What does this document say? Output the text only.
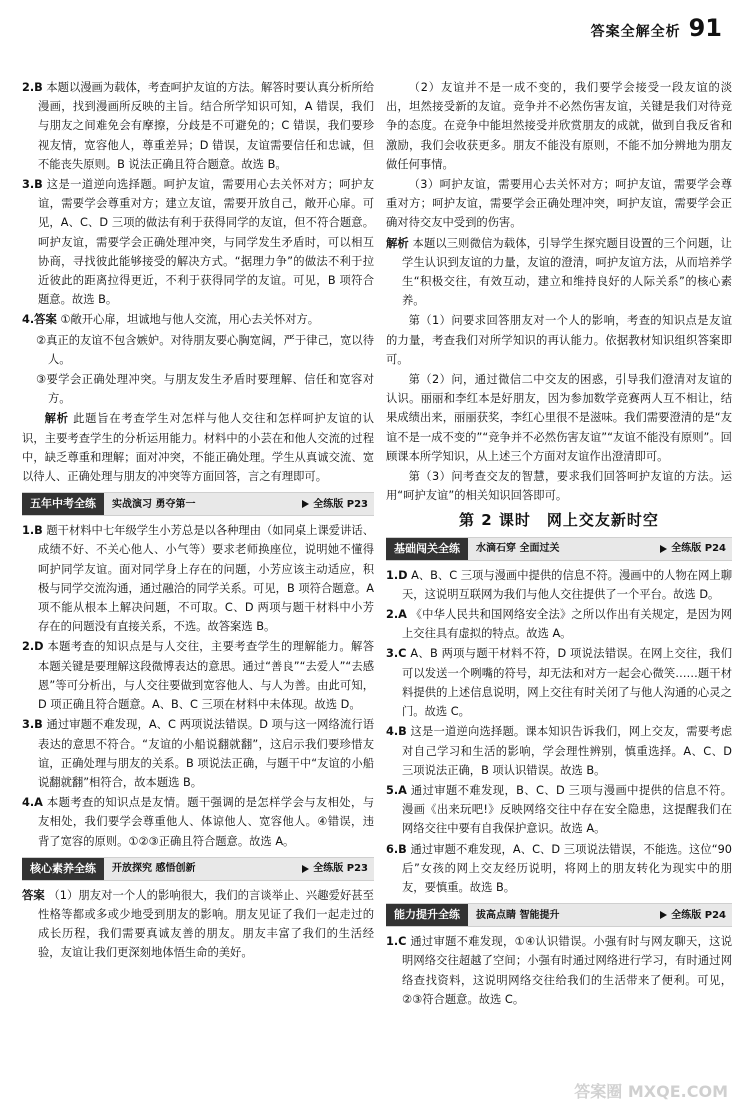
答案全解全析 91

2.B 本题以漫画为载体，考查呵护友谊的方法。解答时要认真分析所给漫画，找到漫画所反映的主旨。结合所学知识可知，A 错误，我们与朋友之间难免会有摩擦，分歧是不可避免的；C 错误，我们要珍视友情，宽容他人，尊重差异；D 错误，友谊需要信任和忠诚，但不能丧失原则。B 说法正确且符合题意。故选 B。

3.B 这是一道逆向选择题。呵护友谊，需要用心去关怀对方；呵护友谊，需要学会尊重对方；建立友谊，需要开放自己，敞开心扉。可见，A、C、D 三项的做法有利于获得同学的友谊，但不符合题意。呵护友谊，需要学会正确处理冲突，与同学发生矛盾时，可以相互协商，寻找彼此能够接受的解决方式。“据理力争”的做法不利于拉近彼此的距离拉得更近，不利于获得同学的友谊。可见，B 项符合题意。故选 B。

4.答案 ①敞开心扉，坦诚地与他人交流，用心去关怀对方。

②真正的友谊不包含嫉妒。对待朋友要心胸宽阔，严于律己，宽以待人。

③要学会正确处理冲突。与朋友发生矛盾时要理解、信任和宽容对方。

解析 此题旨在考查学生对怎样与他人交往和怎样呵护友谊的认识，主要考查学生的分析运用能力。材料中的小芸在和他人交流的过程中，缺乏尊重和理解；面对冲突，不能正确处理。学生从真诚交流、宽以待人、正确处理与朋友的冲突等方面回答，言之有理即可。

五年中考全练	实战演习 勇夺第一	全练版 P23

1.B 题干材料中七年级学生小芳总是以各种理由（如同桌上课爱讲话、成绩不好、不关心他人、小气等）要求老师换座位，说明她不懂得呵护同学友谊。面对同学身上存在的问题，小芳应该主动适应，积极与同学交流沟通，通过融洽的同学关系。可见，B 项符合题意。A 项不能从根本上解决问题，不可取。C、D 两项与题干材料中小芳存在的问题没有直接关系，不选。故答案选 B。

2.D 本题考查的知识点是与人交往，主要考查学生的理解能力。解答本题关键是要理解这段微博表达的意思。通过“善良”“去爱人”“去感恩”等可分析出，与人交往要做到宽容他人、与人为善。由此可知，D 项正确且符合题意。A、B、C 三项在材料中未体现。故选 D。

3.B 通过审题不难发现，A、C 两项说法错误。D 项与这一网络流行语表达的意思不符合。“友谊的小船说翻就翻”，这启示我们要珍惜友谊，正确处理与朋友的关系。B 项说法正确，与题干中“友谊的小船说翻就翻”相符合，故本题选 B。

4.A 本题考查的知识点是友情。题干强调的是怎样学会与友相处，与友相处，我们要学会尊重他人、体谅他人、宽容他人。④错误，违背了宽容的原则。①②③正确且符合题意。故选 A。

核心素养全练	开放探究 感悟创新	全练版 P23

答案 （1）朋友对一个人的影响很大，我们的言谈举止、兴趣爱好甚至性格等都或多或少地受到朋友的影响。朋友见证了我们一起走过的成长历程，我们需要真诚友善的朋友。朋友丰富了我们的生活经验，友谊让我们更深刻地体悟生命的美好。

（2）友谊并不是一成不变的，我们要学会接受一段友谊的淡出，坦然接受新的友谊。竞争并不必然伤害友谊，关键是我们对待竞争的态度。在竞争中能坦然接受并欣赏朋友的成就，做到自我反省和激励，我们会收获更多。朋友不能没有原则，不能不加分辨地为朋友做任何事情。

（3）呵护友谊，需要用心去关怀对方；呵护友谊，需要学会尊重对方；呵护友谊，需要学会正确处理冲突，呵护友谊，需要学会正确对待交友中受到的伤害。

解析 本题以三则微信为载体，引导学生探究题目设置的三个问题，让学生认识到友谊的力量，友谊的澄清，呵护友谊方法，从而培养学生“积极交往，有效互动，建立和维持良好的人际关系”的核心素养。

第（1）问要求回答朋友对一个人的影响，考查的知识点是友谊的力量，考查我们对所学知识的再认能力。依据教材知识组织答案即可。

第（2）问，通过微信二中交友的困惑，引导我们澄清对友谊的认识。丽丽和李红本是好朋友，因为参加数学竞赛两人互不相让，结果成绩出来，丽丽获奖，李红心里很不是滋味。我们需要澄清的是“友谊不是一成不变的”“竞争并不必然伤害友谊”“友谊不能没有原则”。回顾课本所学知识，从上述三个方面对友谊作出澄清即可。

第（3）问考查交友的智慧，要求我们回答呵护友谊的方法。运用“呵护友谊”的相关知识回答即可。

第 2 课时　网上交友新时空
基础闯关全练	水滴石穿 全面过关	全练版 P24

1.D A、B、C 三项与漫画中提供的信息不符。漫画中的人物在网上聊天，这说明互联网为我们与他人交往提供了一个平台。故选 D。

2.A 《中华人民共和国网络安全法》之所以作出有关规定，是因为网上交往具有虚拟的特点。故选 A。

3.C A、B 两项与题干材料不符，D 项说法错误。在网上交往，我们可以发送一个咧嘴的符号，却无法和对方一起会心微笑……题干材料提供的上述信息说明，网上交往有时关闭了与他人沟通的心灵之门。故选 C。

4.B 这是一道逆向选择题。课本知识告诉我们，网上交友，需要考虑对自己学习和生活的影响，学会理性辨别，慎重选择。A、C、D 三项说法正确，B 项认识错误。故选 B。

5.A 通过审题不难发现，B、C、D 三项与漫画中提供的信息不符。漫画《出来玩吧!》反映网络交往中存在安全隐患，这提醒我们在网络交往中要有自我保护意识。故选 A。

6.B 通过审题不难发现，A、C、D 三项说法错误，不能选。这位“90 后”女孩的网上交友经历说明，将网上的朋友转化为现实中的朋友，要慎重。故选 B。

能力提升全练	拔高点睛 智能提升	全练版 P24

1.C 通过审题不难发现，①④认识错误。小强有时与网友聊天，这说明网络交往超越了空间；小强有时通过网络进行学习，有时通过网络查找资料，这说明网络交往给我们的生活带来了便利。可见，②③符合题意。故选 C。

答案圈 MXQE.COM
